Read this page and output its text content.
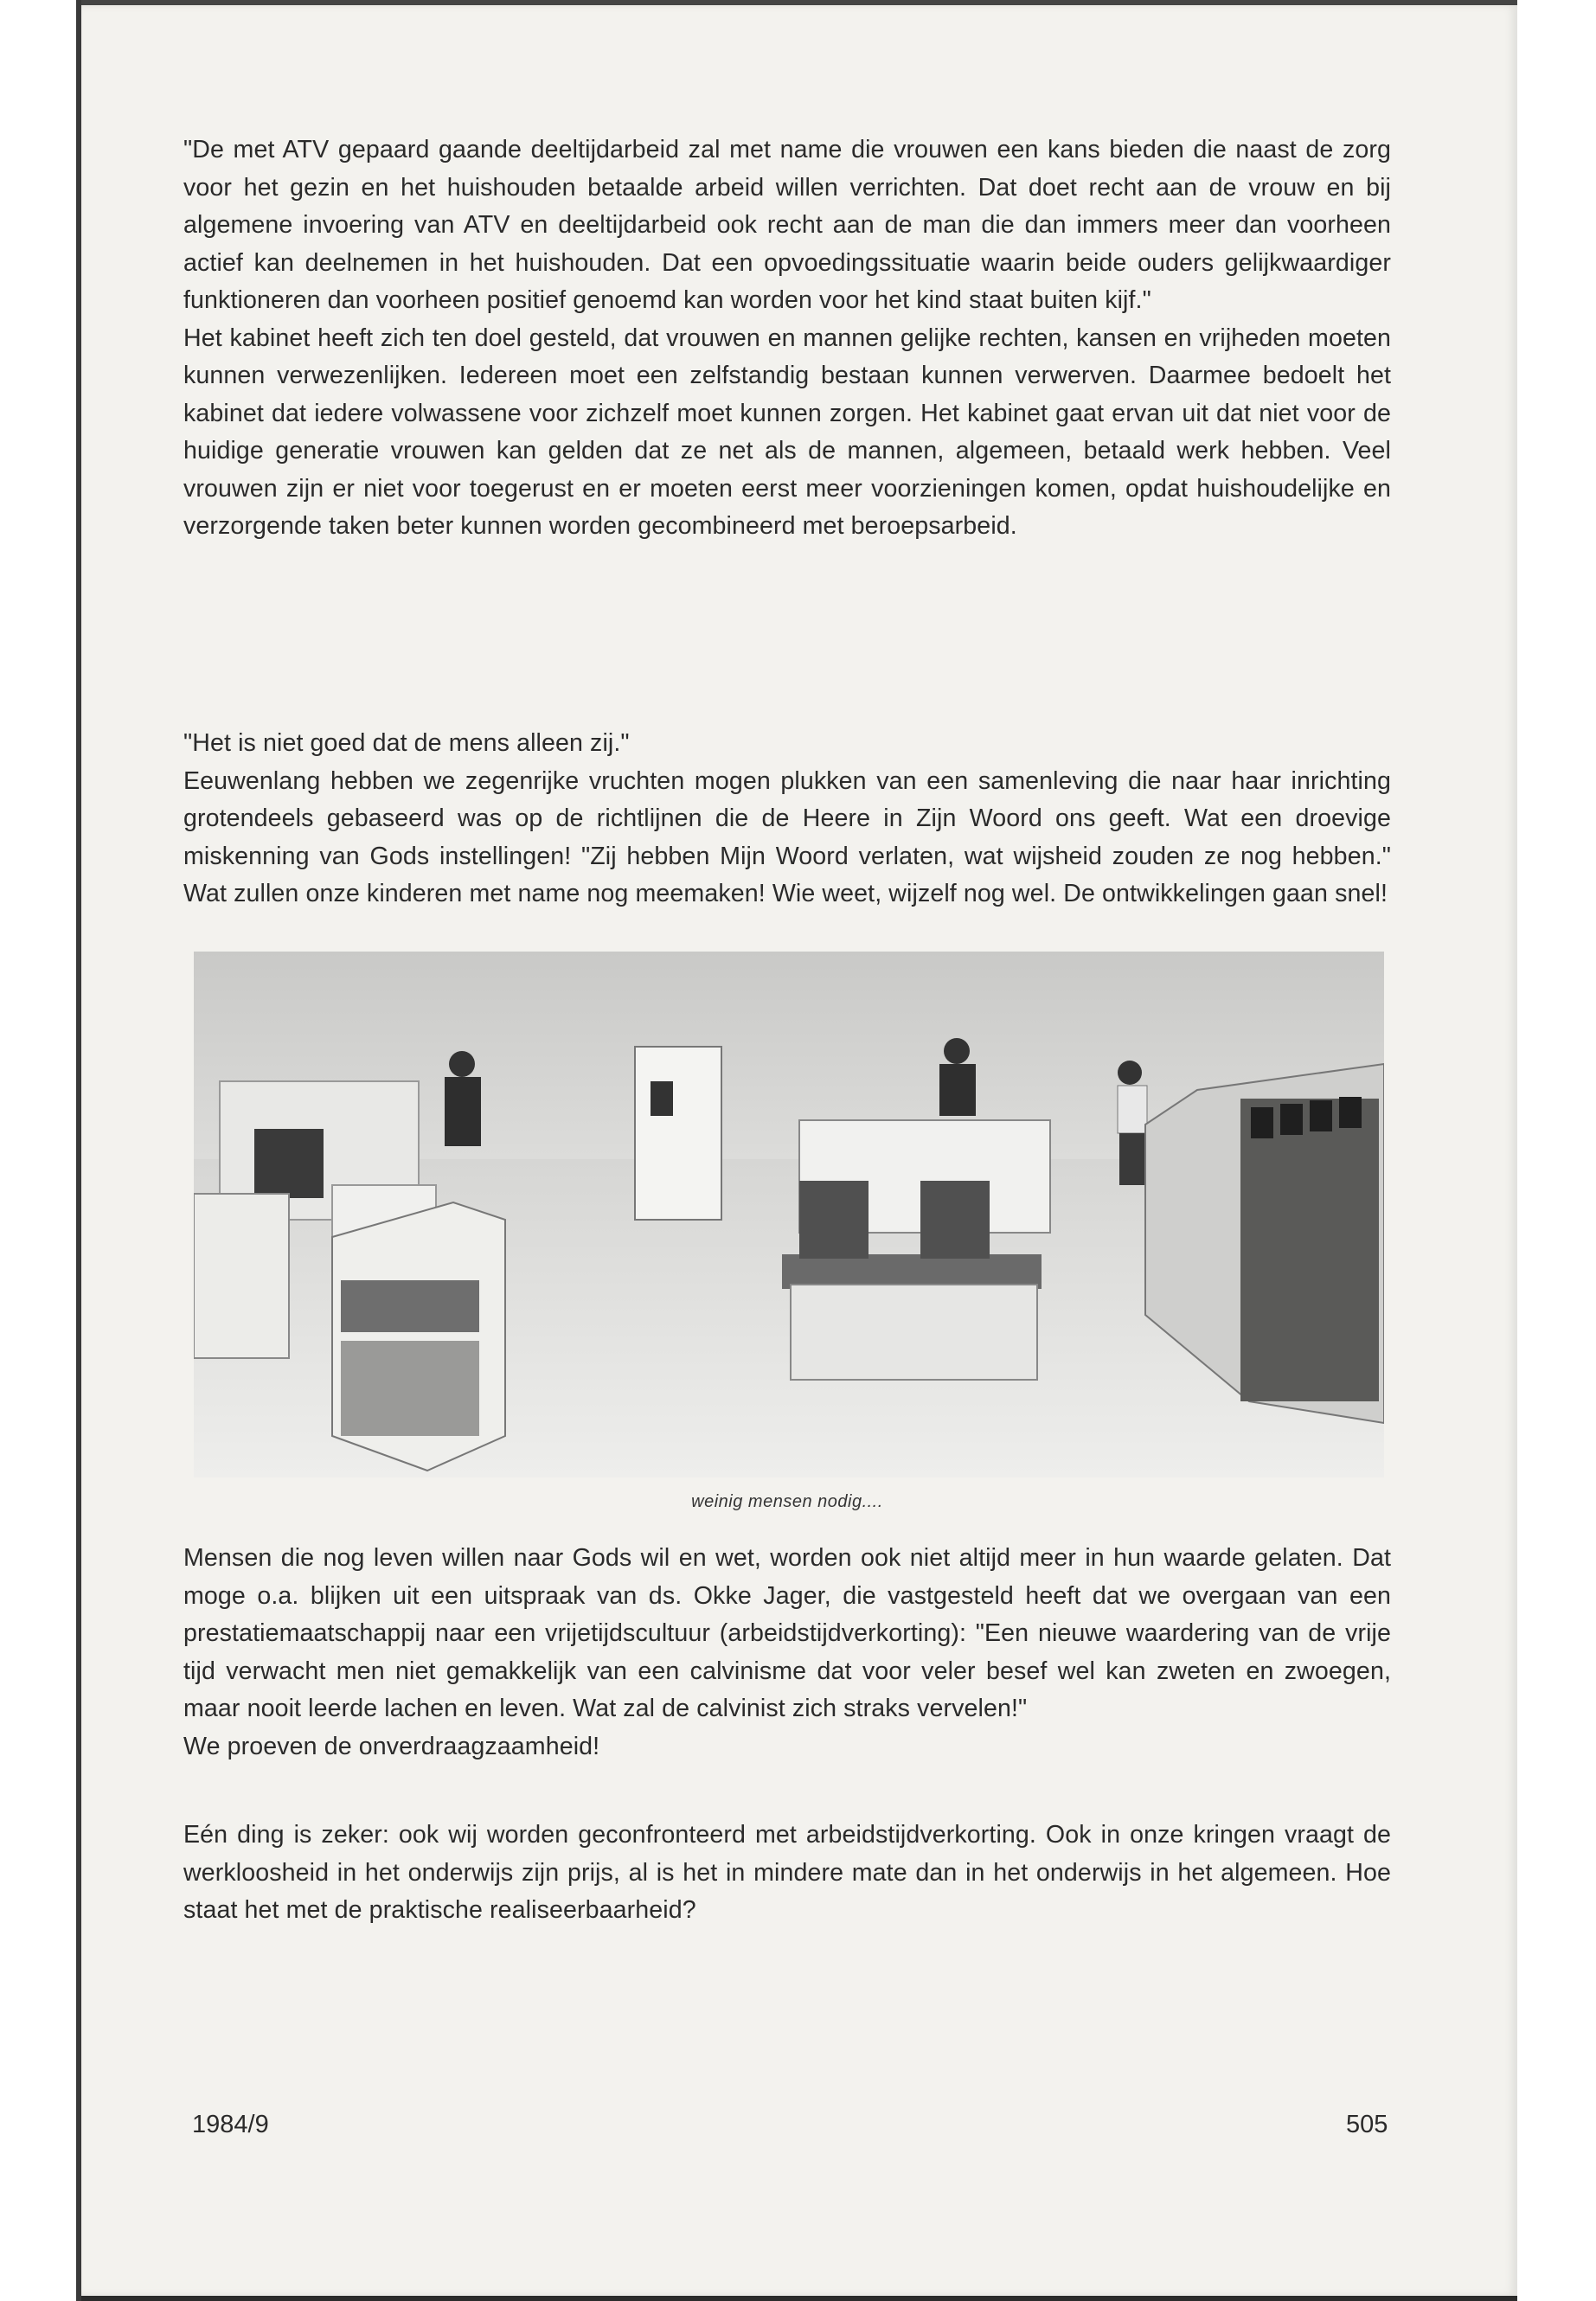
"De met ATV gepaard gaande deeltijdarbeid zal met name die vrouwen een kans bieden die naast de zorg voor het gezin en het huishouden betaalde arbeid willen verrichten. Dat doet recht aan de vrouw en bij algemene invoering van ATV en deeltijdarbeid ook recht aan de man die dan immers meer dan voorheen actief kan deelnemen in het huishouden. Dat een opvoedingssituatie waarin beide ouders gelijkwaardiger funktioneren dan voorheen positief genoemd kan worden voor het kind staat buiten kijf."

Het kabinet heeft zich ten doel gesteld, dat vrouwen en mannen gelijke rechten, kansen en vrijheden moeten kunnen verwezenlijken. Iedereen moet een zelfstandig bestaan kunnen verwerven. Daarmee bedoelt het kabinet dat iedere volwassene voor zichzelf moet kunnen zorgen. Het kabinet gaat ervan uit dat niet voor de huidige generatie vrouwen kan gelden dat ze net als de mannen, algemeen, betaald werk hebben. Veel vrouwen zijn er niet voor toegerust en er moeten eerst meer voorzieningen komen, opdat huishoudelijke en verzorgende taken beter kunnen worden gecombineerd met beroepsarbeid.

"Het is niet goed dat de mens alleen zij."

Eeuwenlang hebben we zegenrijke vruchten mogen plukken van een samenleving die naar haar inrichting grotendeels gebaseerd was op de richtlijnen die de Heere in Zijn Woord ons geeft. Wat een droevige miskenning van Gods instellingen! "Zij hebben Mijn Woord verlaten, wat wijsheid zouden ze nog hebben." Wat zullen onze kinderen met name nog meemaken! Wie weet, wijzelf nog wel. De ontwikkelingen gaan snel!

weinig mensen nodig....

Mensen die nog leven willen naar Gods wil en wet, worden ook niet altijd meer in hun waarde gelaten. Dat moge o.a. blijken uit een uitspraak van ds. Okke Jager, die vastgesteld heeft dat we overgaan van een prestatiemaatschappij naar een vrijetijdscultuur (arbeidstijdverkorting): "Een nieuwe waardering van de vrije tijd verwacht men niet gemakkelijk van een calvinisme dat voor veler besef wel kan zweten en zwoegen, maar nooit leerde lachen en leven. Wat zal de calvinist zich straks vervelen!"

We proeven de onverdraagzaamheid!

Eén ding is zeker: ook wij worden geconfronteerd met arbeidstijdverkorting. Ook in onze kringen vraagt de werkloosheid in het onderwijs zijn prijs, al is het in mindere mate dan in het onderwijs in het algemeen. Hoe staat het met de praktische realiseerbaarheid?

1984/9	505
